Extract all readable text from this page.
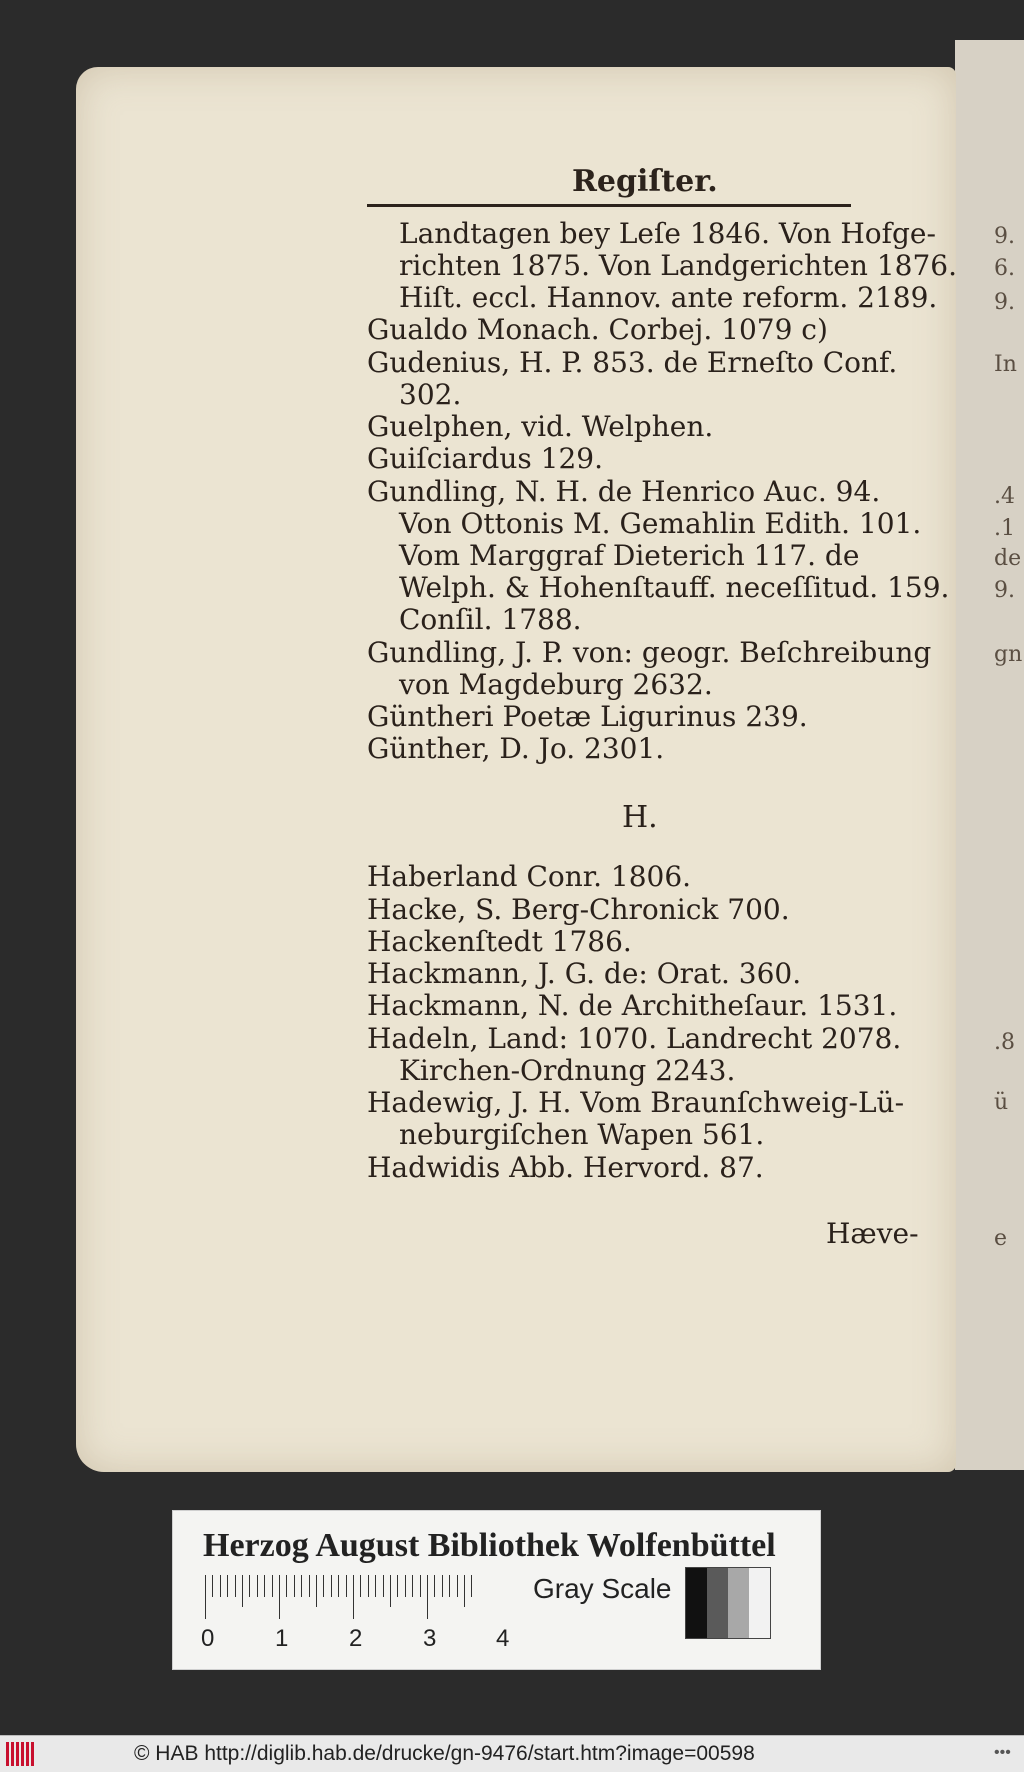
9.
6.
9.
In
.4
.1
de
9.
gn
.8
ü
e
Regiſter.
Landtagen bey Leſe 1846. Von Hofge-
richten 1875. Von Landgerichten 1876.
Hiſt. eccl. Hannov. ante reform. 2189.
Gualdo Monach. Corbej. 1079 c)
Gudenius, H. P. 853. de Erneſto Conf.
302.
Guelphen, vid. Welphen.
Guiſciardus 129.
Gundling, N. H. de Henrico Auc. 94.
Von Ottonis M. Gemahlin Edith. 101.
Vom Marggraf Dieterich 117. de
Welph. & Hohenſtauff. neceſſitud. 159.
Conſil. 1788.
Gundling, J. P. von: geogr. Beſchreibung
von Magdeburg 2632.
Güntheri Poetæ Ligurinus 239.
Günther, D. Jo. 2301.
H.
Haberland Conr. 1806.
Hacke, S. Berg-Chronick 700.
Hackenſtedt 1786.
Hackmann, J. G. de: Orat. 360.
Hackmann, N. de Architheſaur. 1531.
Hadeln, Land: 1070. Landrecht 2078.
Kirchen-Ordnung 2243.
Hadewig, J. H. Vom Braunſchweig-Lü-
neburgiſchen Wapen 561.
Hadwidis Abb. Hervord. 87.
Hæve-
Herzog August Bibliothek Wolfenbüttel
0	1	2	3 4
Gray Scale
© HAB http://diglib.hab.de/drucke/gn-9476/start.htm?image=00598	•••
